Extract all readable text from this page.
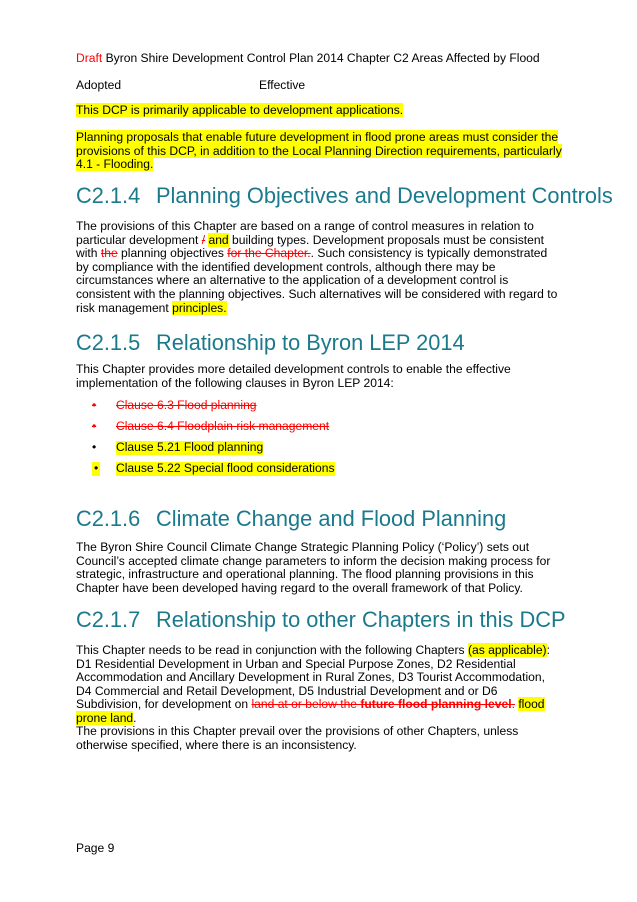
Draft Byron Shire Development Control Plan 2014 Chapter C2 Areas Affected by Flood
Adopted	Effective

This DCP is primarily applicable to development applications.

Planning proposals that enable future development in flood prone areas must consider the provisions of this DCP, in addition to the Local Planning Direction requirements, particularly 4.1 - Flooding.

C2.1.4 Planning Objectives and Development Controls

The provisions of this Chapter are based on a range of control measures in relation to particular development / and building types. Development proposals must be consistent with the planning objectives for the Chapter.. Such consistency is typically demonstrated by compliance with the identified development controls, although there may be circumstances where an alternative to the application of a development control is consistent with the planning objectives. Such alternatives will be considered with regard to risk management principles.

C2.1.5 Relationship to Byron LEP 2014

This Chapter provides more detailed development controls to enable the effective implementation of the following clauses in Byron LEP 2014:

•	Clause 6.3 Flood planning
• Clause 6.4 Floodplain risk management
• Clause 5.21 Flood planning
• Clause 5.22 Special flood considerations
C2.1.6 Climate Change and Flood Planning

The Byron Shire Council Climate Change Strategic Planning Policy (‘Policy’) sets out Council’s accepted climate change parameters to inform the decision making process for strategic, infrastructure and operational planning. The flood planning provisions in this Chapter have been developed having regard to the overall framework of that Policy.

C2.1.7 Relationship to other Chapters in this DCP

This Chapter needs to be read in conjunction with the following Chapters (as applicable): D1 Residential Development in Urban and Special Purpose Zones, D2 Residential Accommodation and Ancillary Development in Rural Zones, D3 Tourist Accommodation, D4 Commercial and Retail Development, D5 Industrial Development and or D6 Subdivision, for development on land at or below the future flood planning level. flood prone land.

The provisions in this Chapter prevail over the provisions of other Chapters, unless otherwise specified, where there is an inconsistency.

Page 9
